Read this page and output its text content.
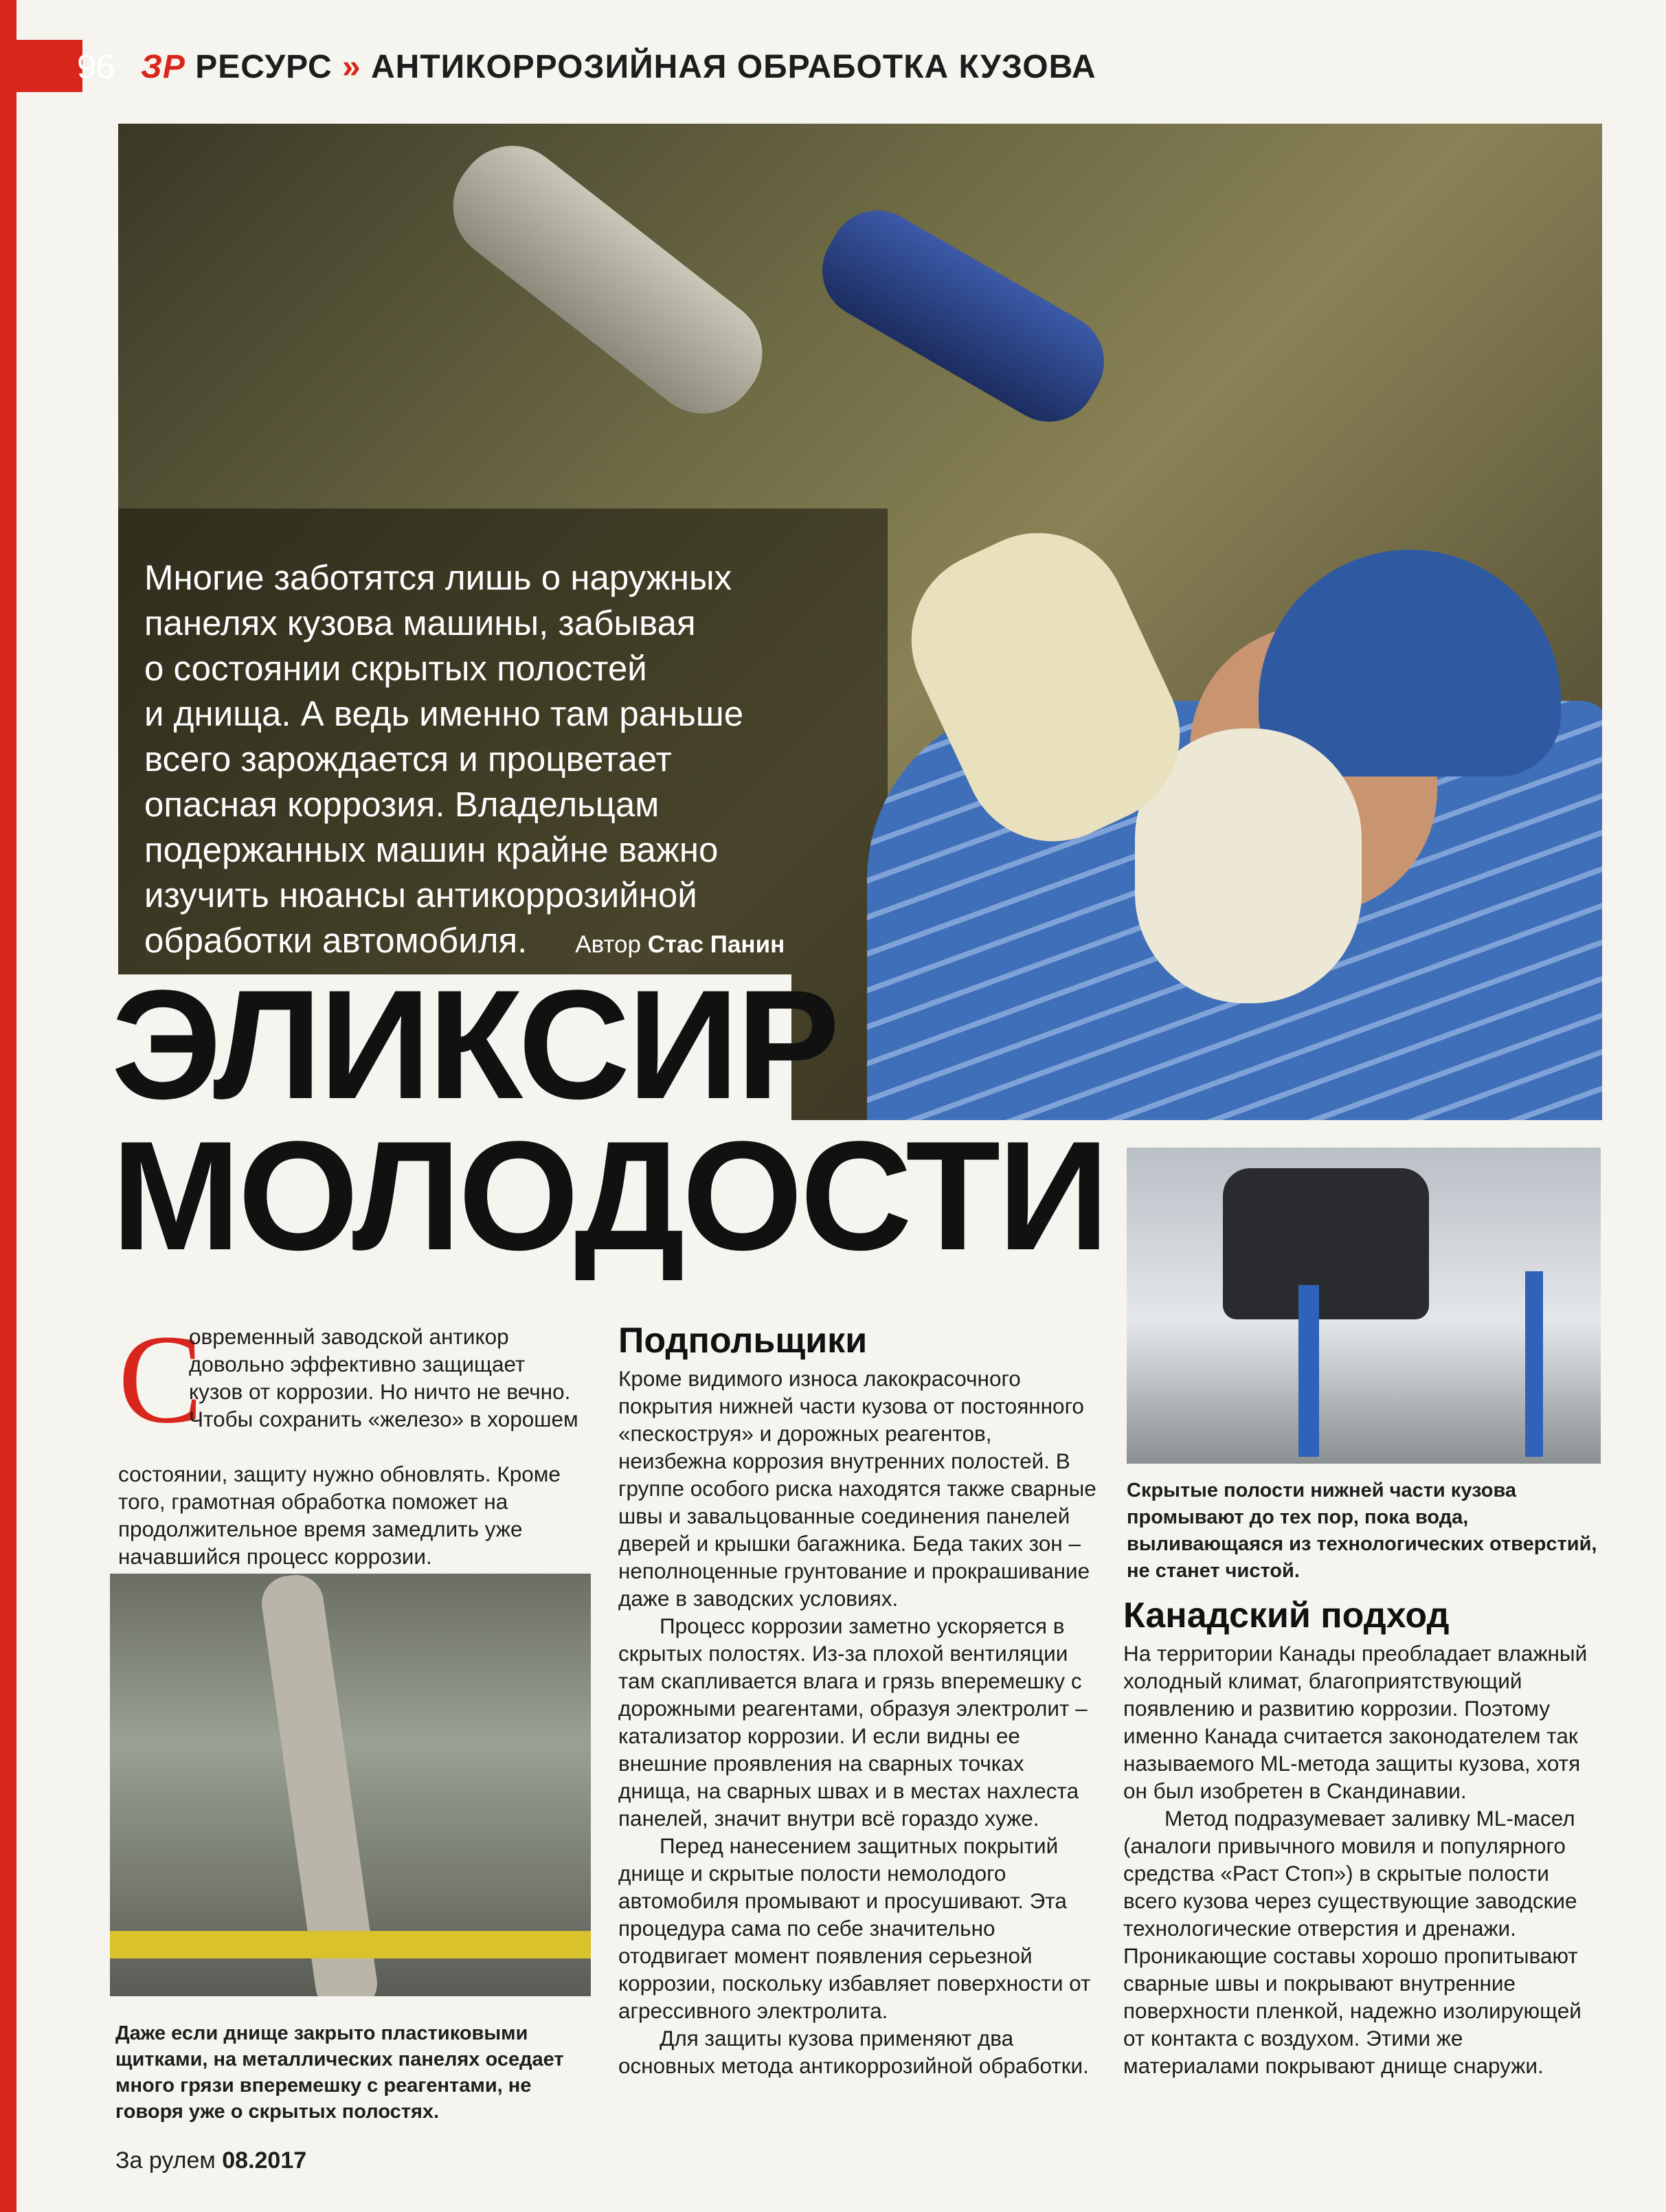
96 ЗР РЕСУРС » АНТИКОРРОЗИЙНАЯ ОБРАБОТКА КУЗОВА
Многие заботятся лишь о наружных
панелях кузова машины, забывая
о состоянии скрытых полостей
и днища. А ведь именно там раньше
всего зарождается и процветает
опасная коррозия. Владельцам
подержанных машин крайне важно
изучить нюансы антикоррозийной
обработки автомобиля. Автор Стас Панин
ЭЛИКСИР
МОЛОДОСТИ
С
овременный заводской антикор
довольно эффективно защищает
кузов от коррозии. Но ничто не вечно.
Чтобы сохранить «железо» в хорошем

состоянии, защиту нужно обновлять. Кроме того, грамотная обработка поможет на продолжительное время замедлить уже начавшийся процесс коррозии.

Даже если днище закрыто пластиковыми щитками, на металлических панелях оседает много грязи вперемешку с реагентами, не говоря уже о скрытых полостях.
Подпольщики

Кроме видимого износа лакокрасочного покрытия нижней части кузова от постоянного «пескоструя» и дорожных реагентов, неизбежна коррозия внутренних полостей. В группе особого риска находятся также сварные швы и завальцованные соединения панелей дверей и крышки багажника. Беда таких зон – неполноценные грунтование и прокрашивание даже в заводских условиях.

Процесс коррозии заметно ускоряется в скрытых полостях. Из-за плохой вентиляции там скапливается влага и грязь вперемешку с дорожными реагентами, образуя электролит – катализатор коррозии. И если видны ее внешние проявления на сварных точках днища, на сварных швах и в местах нахлеста панелей, значит внутри всё гораздо хуже.

Перед нанесением защитных покрытий днище и скрытые полости немолодого автомобиля промывают и просушивают. Эта процедура сама по себе значительно отодвигает момент появления серьезной коррозии, поскольку избавляет поверхности от агрессивного электролита.

Для защиты кузова применяют два основных метода антикоррозийной обработки.

Скрытые полости нижней части кузова промывают до тех пор, пока вода, выливающаяся из технологических отверстий, не станет чистой.
Канадский подход

На территории Канады преобладает влажный холодный климат, благоприятствующий появлению и развитию коррозии. Поэтому именно Канада считается законодателем так называемого ML-метода защиты кузова, хотя он был изобретен в Скандинавии.

Метод подразумевает заливку ML-масел (аналоги привычного мовиля и популярного средства «Раст Стоп») в скрытые полости всего кузова через существующие заводские технологические отверстия и дренажи. Проникающие составы хорошо пропитывают сварные швы и покрывают внутренние поверхности пленкой, надежно изолирующей от контакта с воздухом. Этими же материалами покрывают днище снаружи.

За рулем 08.2017
